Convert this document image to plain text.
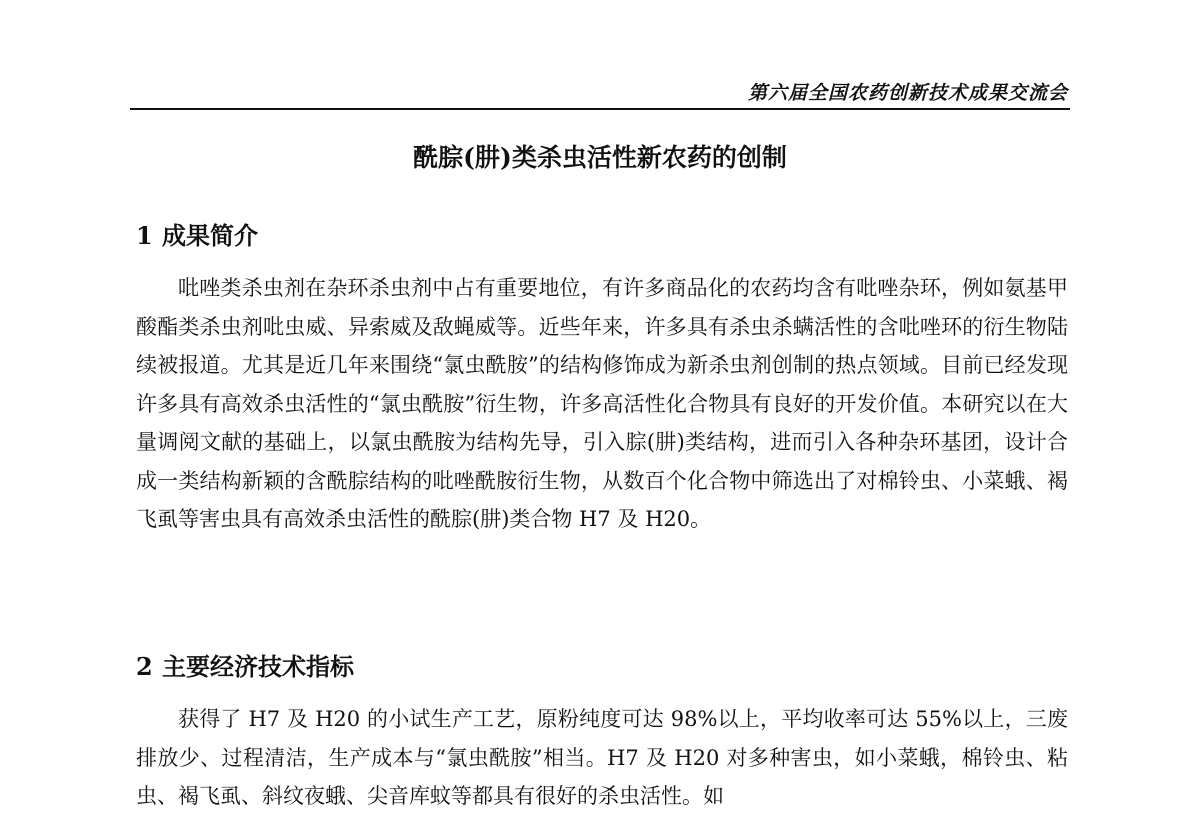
第六届全国农药创新技术成果交流会
酰腙(肼)类杀虫活性新农药的创制
1 成果简介

吡唑类杀虫剂在杂环杀虫剂中占有重要地位，有许多商品化的农药均含有吡唑杂环，例如氨基甲酸酯类杀虫剂吡虫威、异索威及敌蝇威等。近些年来，许多具有杀虫杀螨活性的含吡唑环的衍生物陆续被报道。尤其是近几年来围绕“氯虫酰胺”的结构修饰成为新杀虫剂创制的热点领域。目前已经发现许多具有高效杀虫活性的“氯虫酰胺”衍生物，许多高活性化合物具有良好的开发价值。本研究以在大量调阅文献的基础上，以氯虫酰胺为结构先导，引入腙(肼)类结构，进而引入各种杂环基团，设计合成一类结构新颖的含酰腙结构的吡唑酰胺衍生物，从数百个化合物中筛选出了对棉铃虫、小菜蛾、褐飞虱等害虫具有高效杀虫活性的酰腙(肼)类合物 H7 及 H20。

2 主要经济技术指标

获得了 H7 及 H20 的小试生产工艺，原粉纯度可达 98%以上，平均收率可达 55%以上，三废排放少、过程清洁，生产成本与“氯虫酰胺”相当。H7 及 H20 对多种害虫，如小菜蛾，棉铃虫、粘虫、褐飞虱、斜纹夜蛾、尖音库蚊等都具有很好的杀虫活性。如
